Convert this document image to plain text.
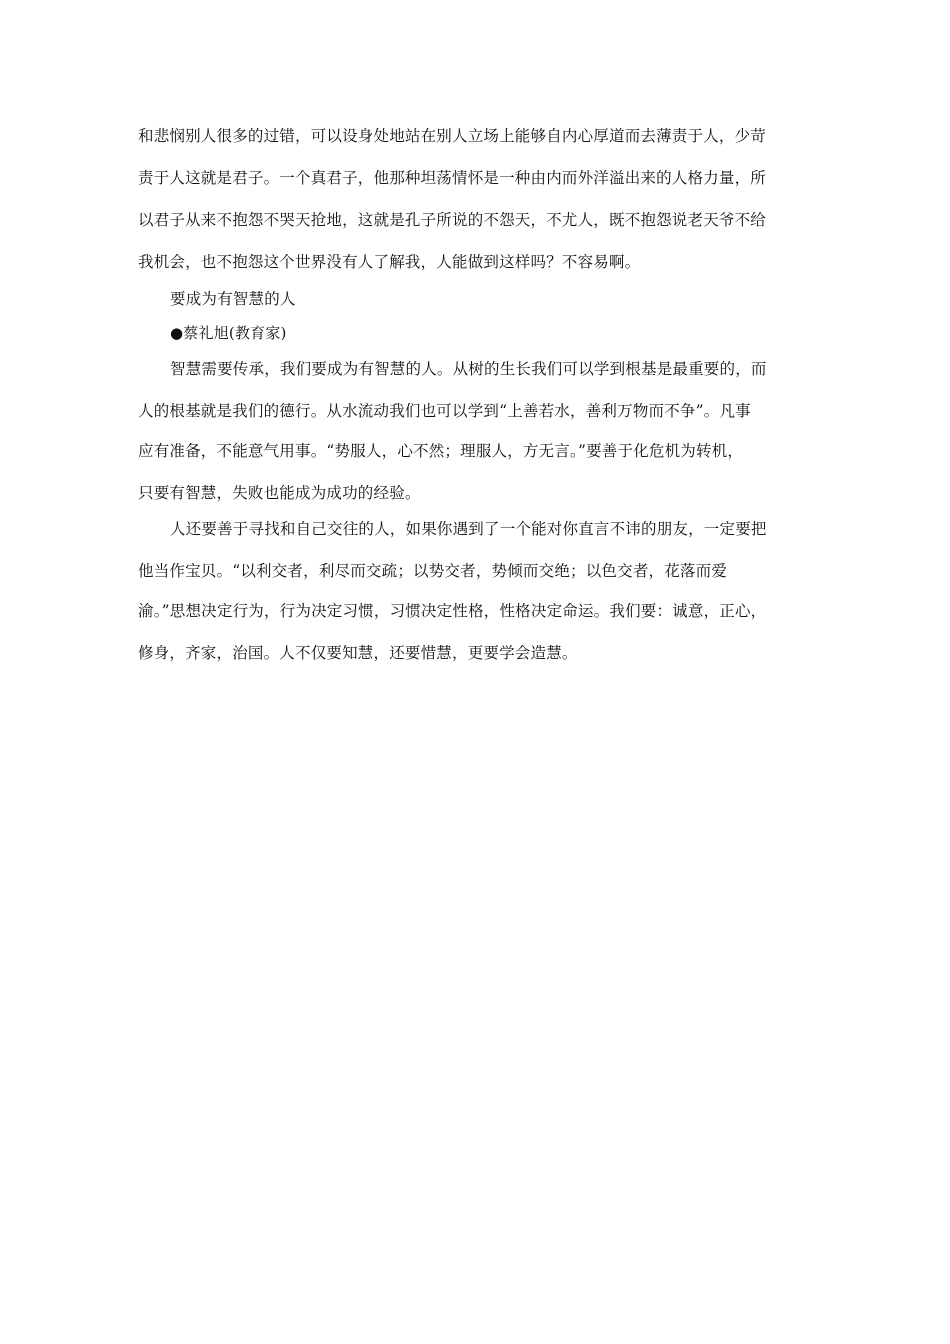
和悲悯别人很多的过错，可以设身处地站在别人立场上能够自内心厚道而去薄责于人，少苛
责于人这就是君子。一个真君子，他那种坦荡情怀是一种由内而外洋溢出来的人格力量，所
以君子从来不抱怨不哭天抢地，这就是孔子所说的不怨天，不尤人，既不抱怨说老天爷不给
我机会，也不抱怨这个世界没有人了解我，人能做到这样吗？不容易啊。
要成为有智慧的人
●蔡礼旭(教育家)
智慧需要传承，我们要成为有智慧的人。从树的生长我们可以学到根基是最重要的，而
人的根基就是我们的德行。从水流动我们也可以学到“上善若水，善利万物而不争”。凡事
应有准备，不能意气用事。“势服人，心不然；理服人，方无言。”要善于化危机为转机，
只要有智慧，失败也能成为成功的经验。
人还要善于寻找和自己交往的人，如果你遇到了一个能对你直言不讳的朋友，一定要把
他当作宝贝。“以利交者，利尽而交疏；以势交者，势倾而交绝；以色交者，花落而爱
渝。”思想决定行为，行为决定习惯，习惯决定性格，性格决定命运。我们要：诚意，正心，
修身，齐家，治国。人不仅要知慧，还要惜慧，更要学会造慧。
